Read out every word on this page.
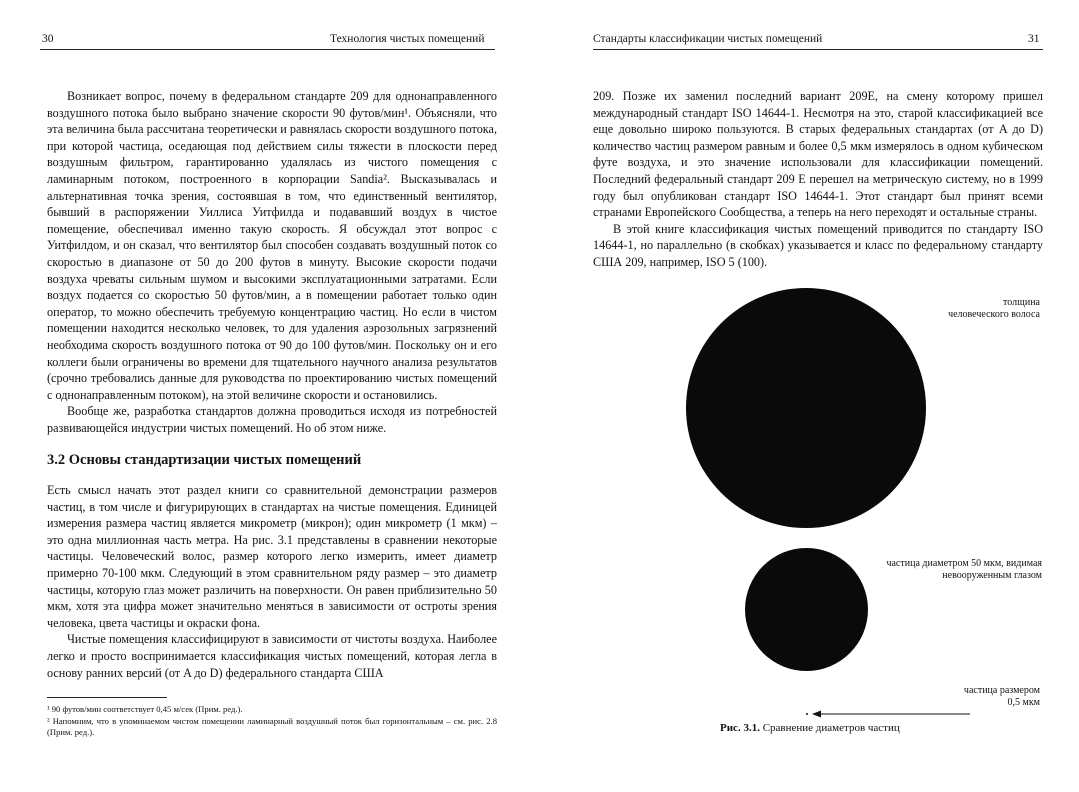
30	Технология чистых помещений

Возникает вопрос, почему в федеральном стандарте 209 для однонаправленного воздушного потока было выбрано значение скорости 90 футов/мин¹. Объясняли, что эта величина была рассчитана теоретически и равнялась скорости воздушного потока, при которой частица, оседающая под действием силы тяжести в плоскости перед воздушным фильтром, гарантированно удалялась из чистого помещения с ламинарным потоком, построенного в корпорации Sandia². Высказывалась и альтернативная точка зрения, состоявшая в том, что единственный вентилятор, бывший в распоряжении Уиллиса Уитфилда и подававший воздух в чистое помещение, обеспечивал именно такую скорость. Я обсуждал этот вопрос с Уитфилдом, и он сказал, что вентилятор был способен создавать воздушный поток со скоростью в диапазоне от 50 до 200 футов в минуту. Высокие скорости подачи воздуха чреваты сильным шумом и высокими эксплуатационными затратами. Если воздух подается со скоростью 50 футов/мин, а в помещении работает только один оператор, то можно обеспечить требуемую концентрацию частиц. Но если в чистом помещении находится несколько человек, то для удаления аэрозольных загрязнений необходима скорость воздушного потока от 90 до 100 футов/мин. Поскольку он и его коллеги были ограничены во времени для тщательного научного анализа результатов (срочно требовались данные для руководства по проектированию чистых помещений с однонаправленным потоком), на этой величине скорости и остановились.

Вообще же, разработка стандартов должна проводиться исходя из потребностей развивающейся индустрии чистых помещений. Но об этом ниже.

3.2 Основы стандартизации чистых помещений

Есть смысл начать этот раздел книги со сравнительной демонстрации размеров частиц, в том числе и фигурирующих в стандартах на чистые помещения. Единицей измерения размера частиц является микрометр (микрон); один микрометр (1 мкм) – это одна миллионная часть метра. На рис. 3.1 представлены в сравнении некоторые частицы. Человеческий волос, размер которого легко измерить, имеет диаметр примерно 70-100 мкм. Следующий в этом сравнительном ряду размер – это диаметр частицы, которую глаз может различить на поверхности. Он равен приблизительно 50 мкм, хотя эта цифра может значительно меняться в зависимости от остроты зрения человека, цвета частицы и окраски фона.

Чистые помещения классифицируют в зависимости от чистоты воздуха. Наиболее легко и просто воспринимается классификация чистых помещений, которая легла в основу ранних версий (от A до D) федерального стандарта США

¹ 90 футов/мин соответствует 0,45 м/сек (Прим. ред.).

² Напомним, что в упоминаемом чистом помещении ламинарный воздушный поток был горизонтальным – см. рис. 2.8 (Прим. ред.).

Стандарты классификации чистых помещений	31

209. Позже их заменил последний вариант 209E, на смену которому пришел международный стандарт ISO 14644-1. Несмотря на это, старой классификацией все еще довольно широко пользуются. В старых федеральных стандартах (от A до D) количество частиц размером равным и более 0,5 мкм измерялось в одном кубическом футе воздуха, и это значение использовали для классификации помещений. Последний федеральный стандарт 209 E перешел на метрическую систему, но в 1999 году был опубликован стандарт ISO 14644-1. Этот стандарт был принят всеми странами Европейского Сообщества, а теперь на него переходят и остальные страны.

В этой книге классификация чистых помещений приводится по стандарту ISO 14644-1, но параллельно (в скобках) указывается и класс по федеральному стандарту США 209, например, ISO 5 (100).

толщина человеческого волоса
частица диаметром 50 мкм, видимая невооруженным глазом
частица размером 0,5 мкм
Рис. 3.1. Сравнение диаметров частиц
